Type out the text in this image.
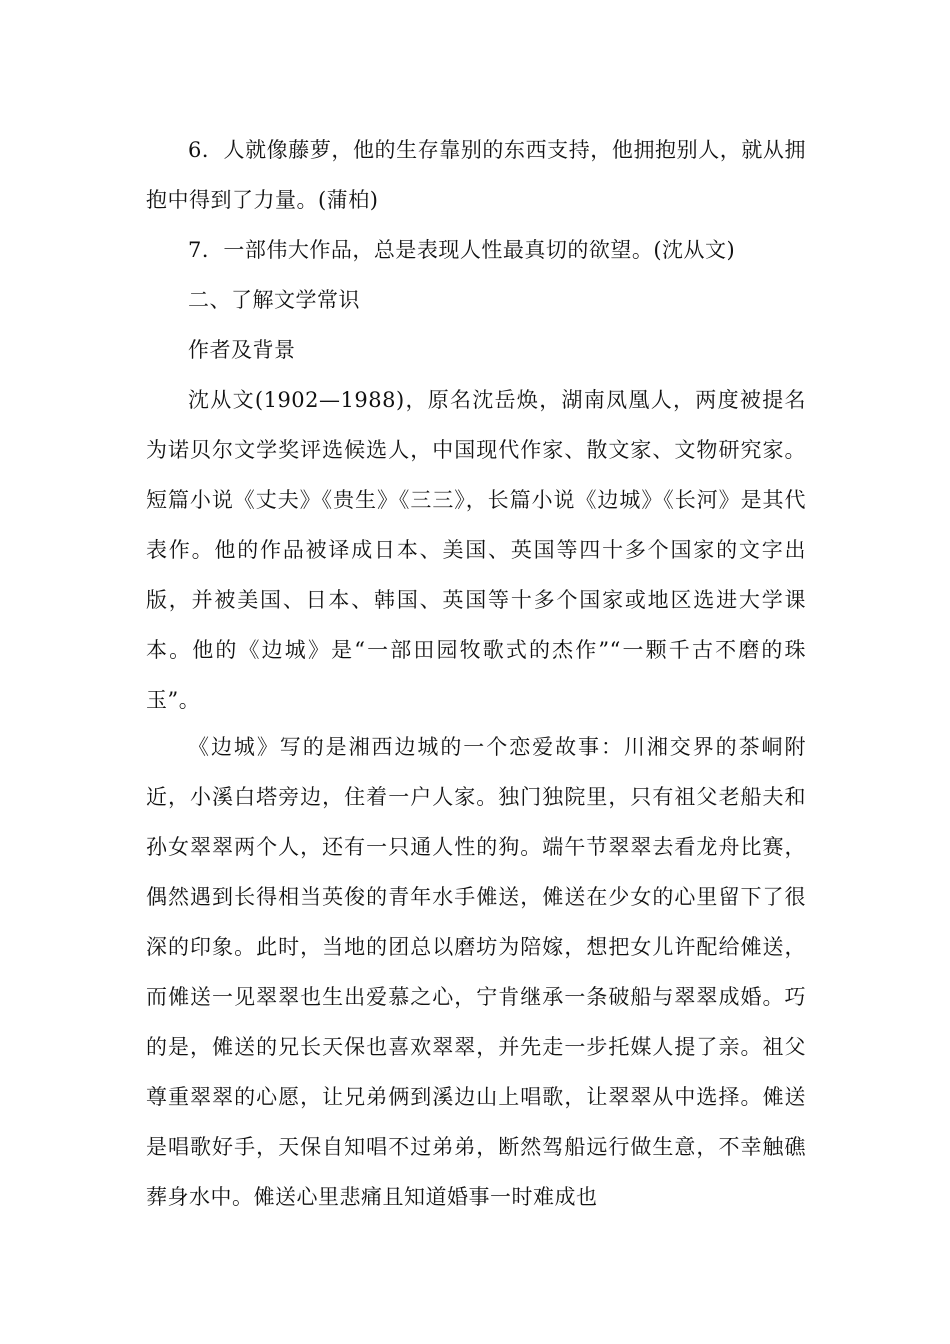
6．人就像藤萝，他的生存靠别的东西支持，他拥抱别人，就从拥抱中得到了力量。(蒲柏)

7．一部伟大作品，总是表现人性最真切的欲望。(沈从文)

二、了解文学常识

作者及背景

沈从文(1902—1988)，原名沈岳焕，湖南凤凰人，两度被提名为诺贝尔文学奖评选候选人，中国现代作家、散文家、文物研究家。短篇小说《丈夫》《贵生》《三三》，长篇小说《边城》《长河》是其代表作。他的作品被译成日本、美国、英国等四十多个国家的文字出版，并被美国、日本、韩国、英国等十多个国家或地区选进大学课本。他的《边城》是“一部田园牧歌式的杰作”“一颗千古不磨的珠玉”。

《边城》写的是湘西边城的一个恋爱故事：川湘交界的茶峒附近，小溪白塔旁边，住着一户人家。独门独院里，只有祖父老船夫和孙女翠翠两个人，还有一只通人性的狗。端午节翠翠去看龙舟比赛，偶然遇到长得相当英俊的青年水手傩送，傩送在少女的心里留下了很深的印象。此时，当地的团总以磨坊为陪嫁，想把女儿许配给傩送，而傩送一见翠翠也生出爱慕之心，宁肯继承一条破船与翠翠成婚。巧的是，傩送的兄长天保也喜欢翠翠，并先走一步托媒人提了亲。祖父尊重翠翠的心愿，让兄弟俩到溪边山上唱歌，让翠翠从中选择。傩送是唱歌好手，天保自知唱不过弟弟，断然驾船远行做生意，不幸触礁葬身水中。傩送心里悲痛且知道婚事一时难成也
